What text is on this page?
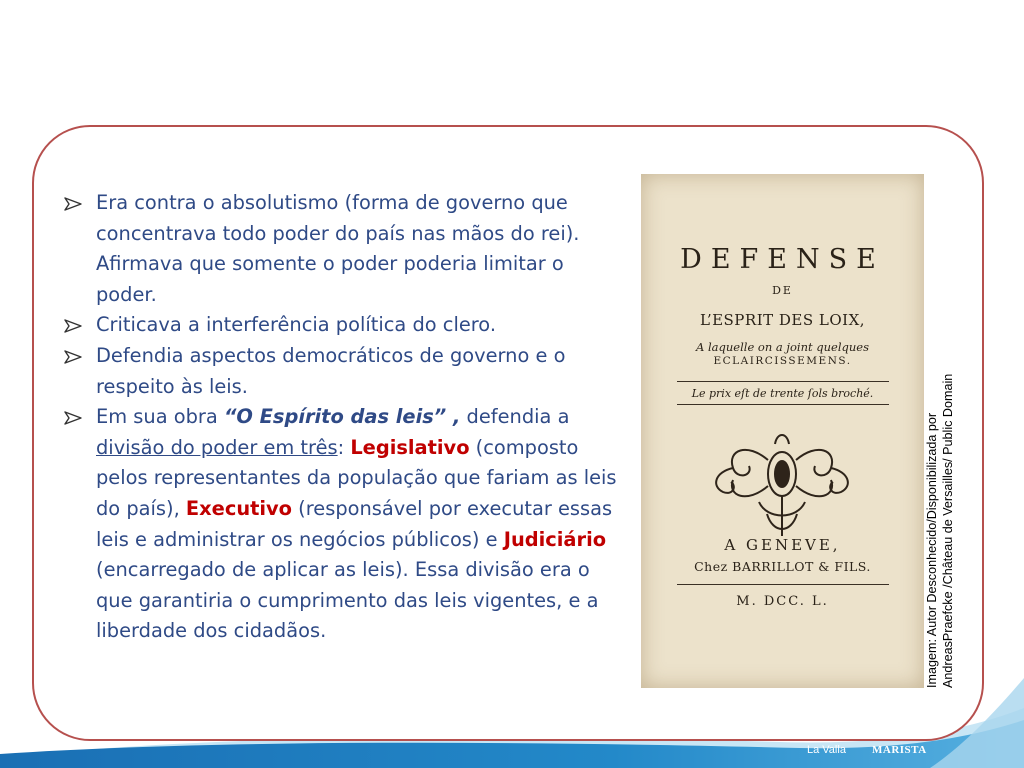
Era contra o absolutismo (forma de governo que concentrava todo poder do país nas mãos do rei). Afirmava que somente o poder poderia limitar o poder.
Criticava a interferência política do clero.
Defendia aspectos democráticos de governo e o respeito às leis.
Em sua obra “O Espírito das leis” , defendia a
divisão do poder em três: Legislativo (composto pelos representantes da população que fariam as leis do país), Executivo (responsável por executar essas leis e administrar os negócios públicos) e Judiciário (encarregado de aplicar as leis). Essa divisão era o que garantiria o cumprimento das leis vigentes, e a liberdade dos cidadãos.
DEFENSE
DE
L’ESPRIT DES LOIX,
A laquelle on a joint quelques
ECLAIRCISSEMENS.
Le prix eſt de trente ſols broché.
A GENEVE,
Chez BARRILLOT & FILS.
M. DCC. L.	Imagem: Autor Desconhecido/Disponibilizada por AndreasPraefcke /Château de Versailles/ Public Domain
La Valla MARISTA
